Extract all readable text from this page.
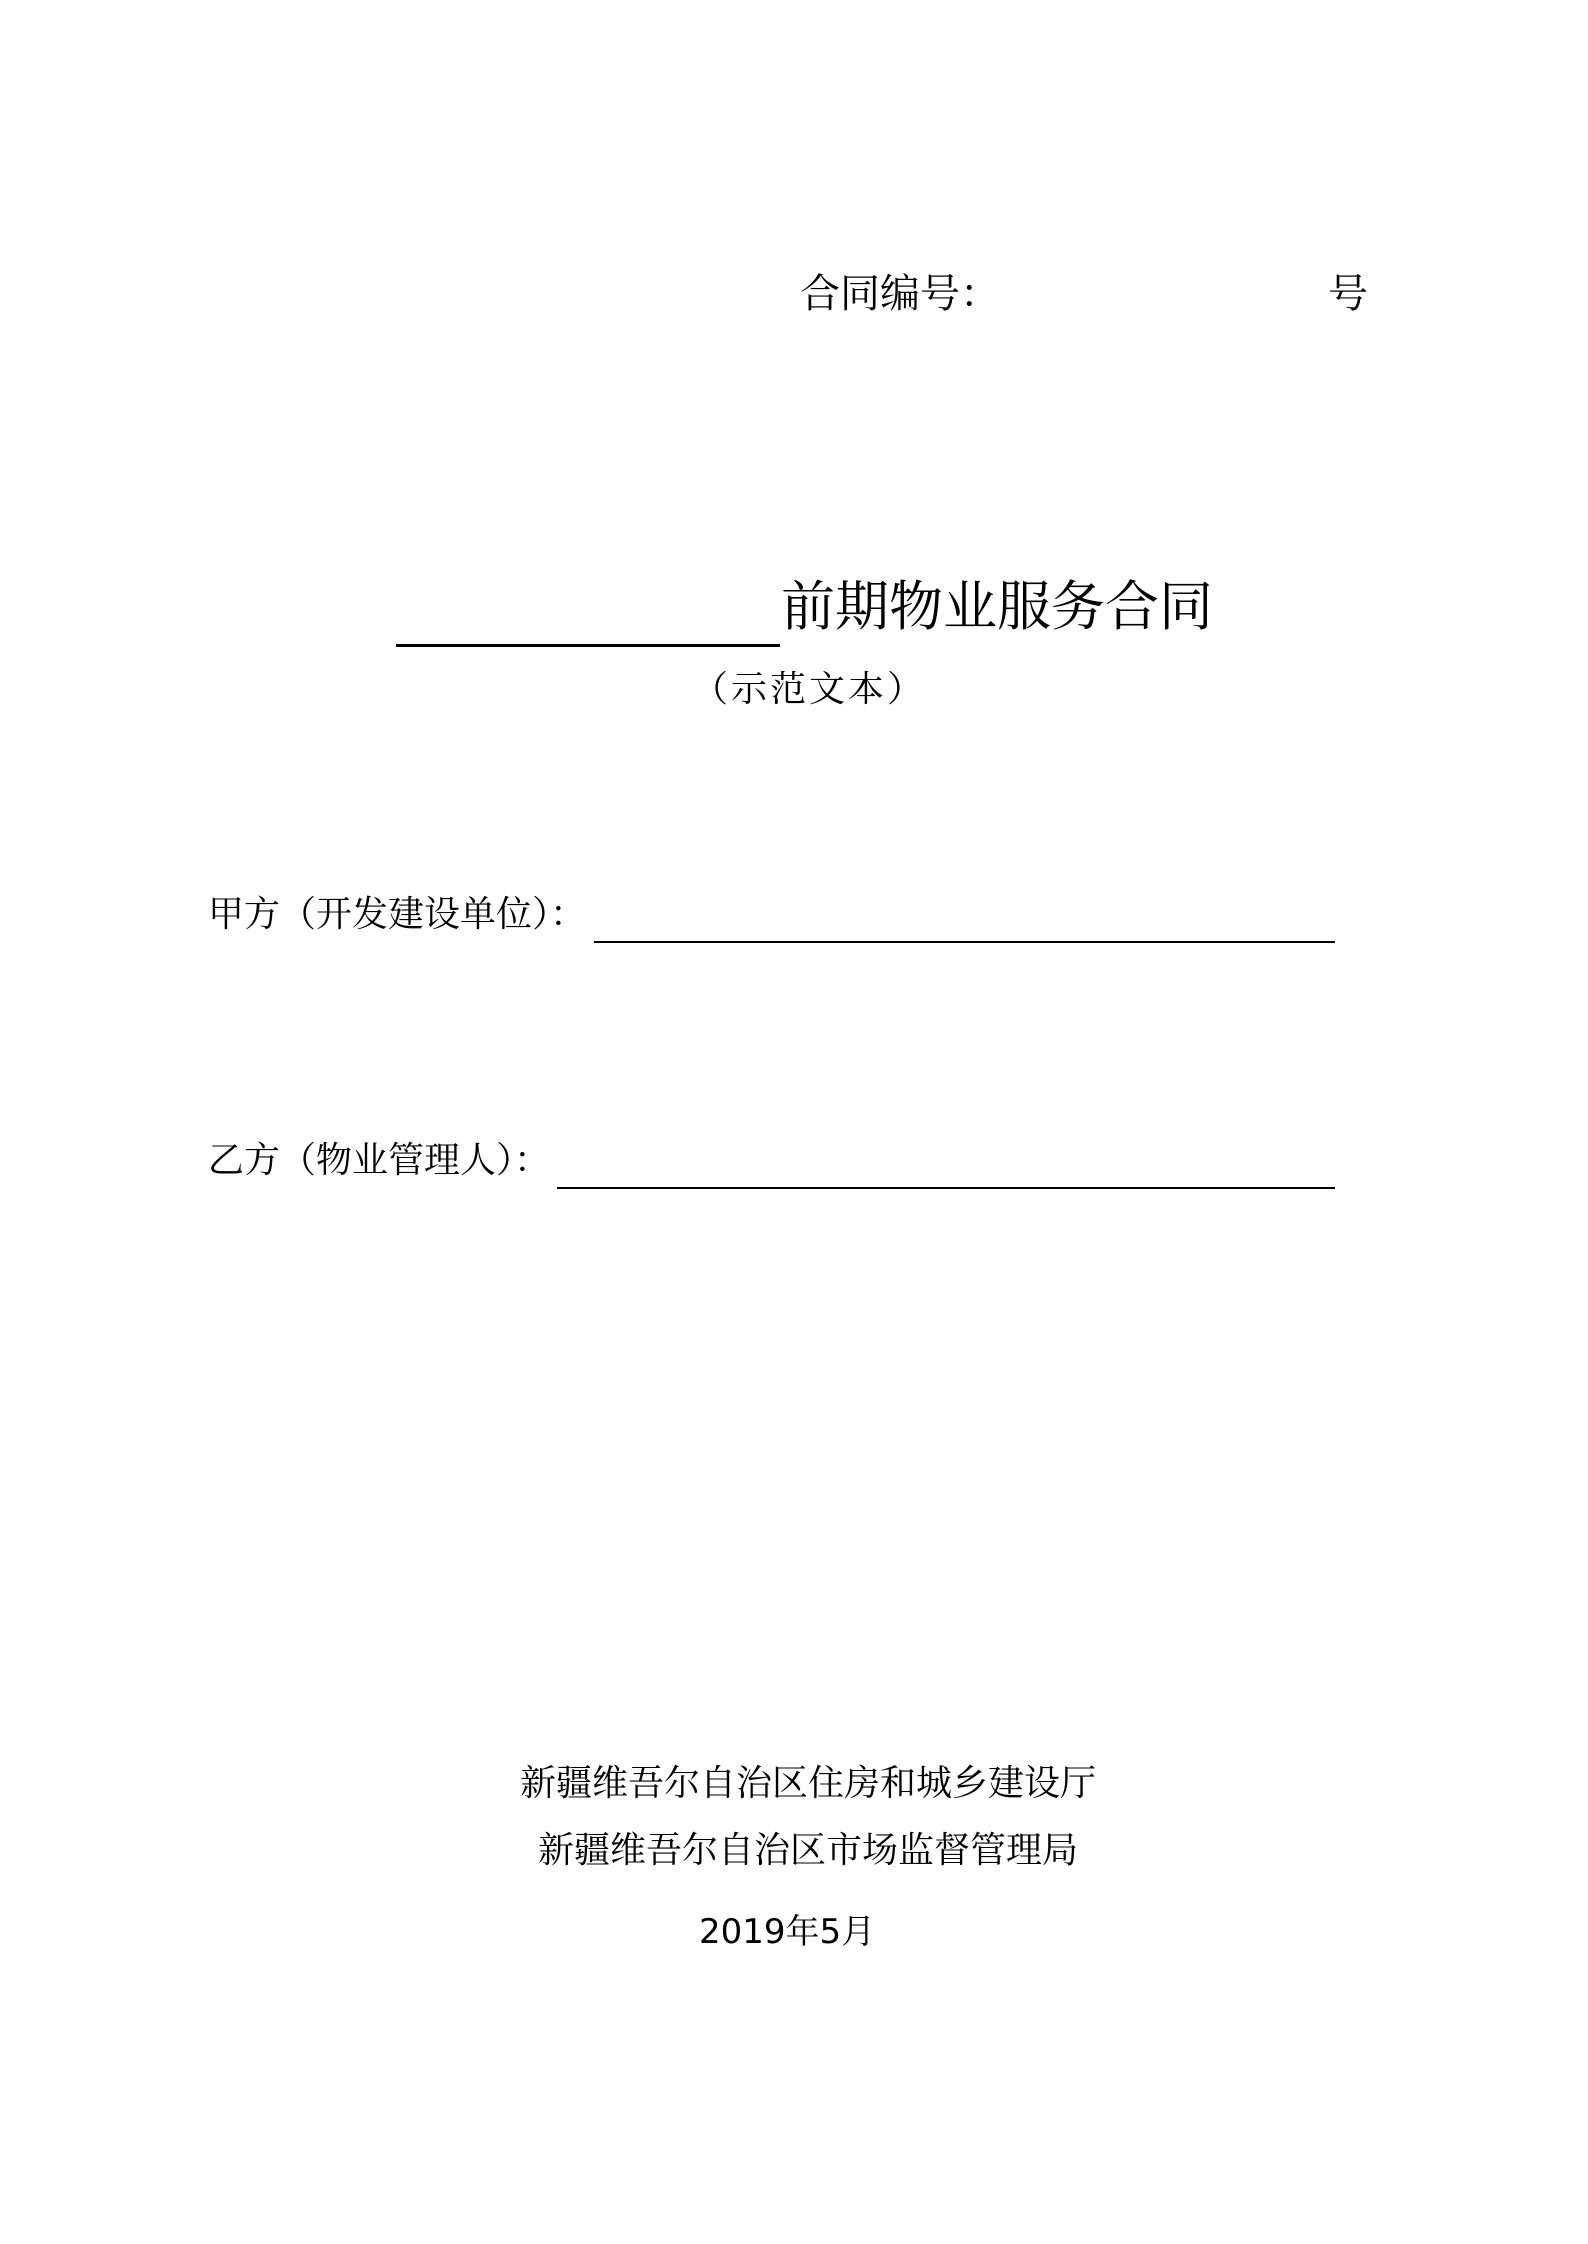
合同编号：	号
前期物业服务合同
（示范文本）
甲方（开发建设单位）：
乙方（物业管理人）：
新疆维吾尔自治区住房和城乡建设厅
新疆维吾尔自治区市场监督管理局
2019年5月
